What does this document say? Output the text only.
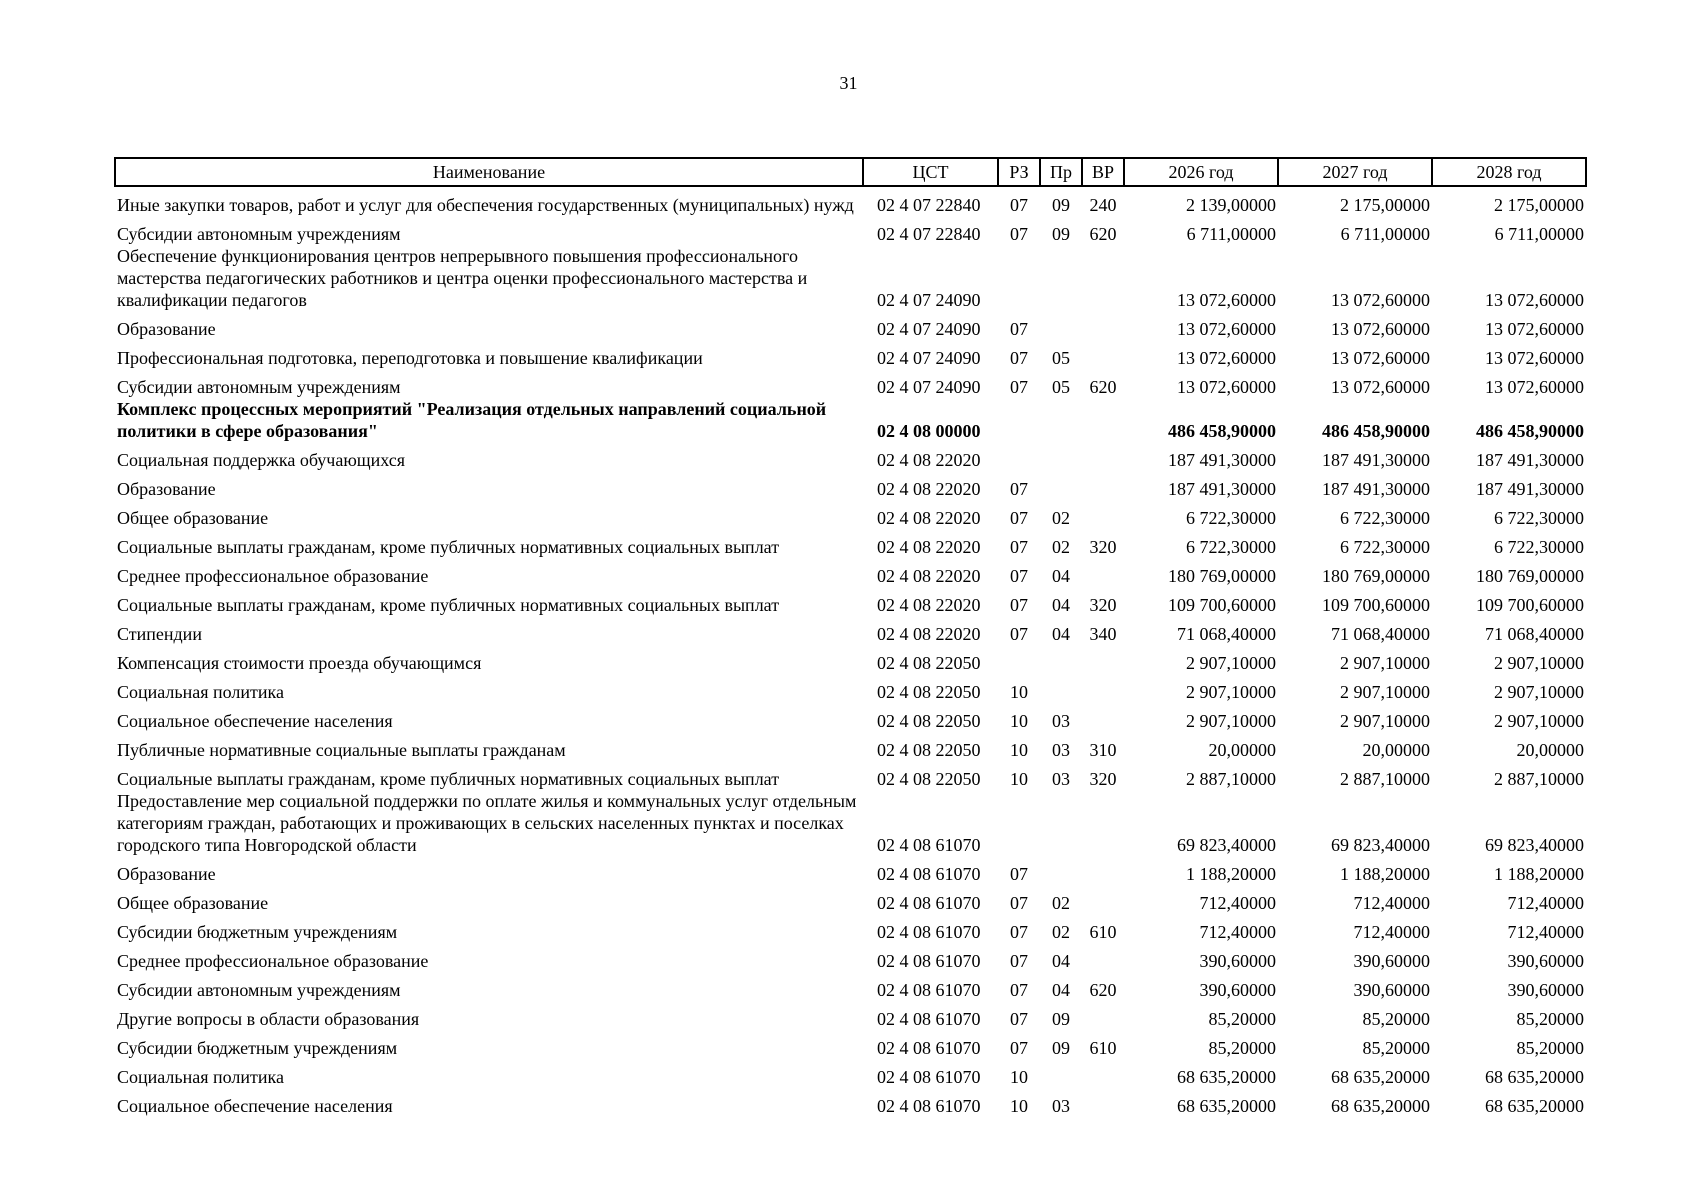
31
Наименование	ЦСТ	РЗ	Пр	ВР	2026 год	2027 год	2028 год
Иные закупки товаров, работ и услуг для обеспечения государственных (муниципальных) нужд	02 4 07 22840	07	09	240	2 139,00000	2 175,00000	2 175,00000
Субсидии автономным учреждениям	02 4 07 22840	07	09	620	6 711,00000	6 711,00000	6 711,00000
Обеспечение функционирования центров непрерывного повышения профессионального мастерства педагогических работников и центра оценки профессионального мастерства и квалификации педагогов	02 4 07 24090				13 072,60000	13 072,60000	13 072,60000
Образование	02 4 07 24090	07			13 072,60000	13 072,60000	13 072,60000
Профессиональная подготовка, переподготовка и повышение квалификации	02 4 07 24090	07	05		13 072,60000	13 072,60000	13 072,60000
Субсидии автономным учреждениям	02 4 07 24090	07	05	620	13 072,60000	13 072,60000	13 072,60000
Комплекс процессных мероприятий "Реализация отдельных направлений социальной политики в сфере образования"	02 4 08 00000				486 458,90000	486 458,90000	486 458,90000
Социальная поддержка обучающихся	02 4 08 22020				187 491,30000	187 491,30000	187 491,30000
Образование	02 4 08 22020	07			187 491,30000	187 491,30000	187 491,30000
Общее образование	02 4 08 22020	07	02		6 722,30000	6 722,30000	6 722,30000
Социальные выплаты гражданам, кроме публичных нормативных социальных выплат	02 4 08 22020	07	02	320	6 722,30000	6 722,30000	6 722,30000
Среднее профессиональное образование	02 4 08 22020	07	04		180 769,00000	180 769,00000	180 769,00000
Социальные выплаты гражданам, кроме публичных нормативных социальных выплат	02 4 08 22020	07	04	320	109 700,60000	109 700,60000	109 700,60000
Стипендии	02 4 08 22020	07	04	340	71 068,40000	71 068,40000	71 068,40000
Компенсация стоимости проезда обучающимся	02 4 08 22050				2 907,10000	2 907,10000	2 907,10000
Социальная политика	02 4 08 22050	10			2 907,10000	2 907,10000	2 907,10000
Социальное обеспечение населения	02 4 08 22050	10	03		2 907,10000	2 907,10000	2 907,10000
Публичные нормативные социальные выплаты гражданам	02 4 08 22050	10	03	310	20,00000	20,00000	20,00000
Социальные выплаты гражданам, кроме публичных нормативных социальных выплат	02 4 08 22050	10	03	320	2 887,10000	2 887,10000	2 887,10000
Предоставление мер социальной поддержки по оплате жилья и коммунальных услуг отдельным категориям граждан, работающих и проживающих в сельских населенных пунктах и поселках городского типа Новгородской области	02 4 08 61070				69 823,40000	69 823,40000	69 823,40000
Образование	02 4 08 61070	07			1 188,20000	1 188,20000	1 188,20000
Общее образование	02 4 08 61070	07	02		712,40000	712,40000	712,40000
Субсидии бюджетным учреждениям	02 4 08 61070	07	02	610	712,40000	712,40000	712,40000
Среднее профессиональное образование	02 4 08 61070	07	04		390,60000	390,60000	390,60000
Субсидии автономным учреждениям	02 4 08 61070	07	04	620	390,60000	390,60000	390,60000
Другие вопросы в области образования	02 4 08 61070	07	09		85,20000	85,20000	85,20000
Субсидии бюджетным учреждениям	02 4 08 61070	07	09	610	85,20000	85,20000	85,20000
Социальная политика	02 4 08 61070	10			68 635,20000	68 635,20000	68 635,20000
Социальное обеспечение населения	02 4 08 61070	10	03		68 635,20000	68 635,20000	68 635,20000
